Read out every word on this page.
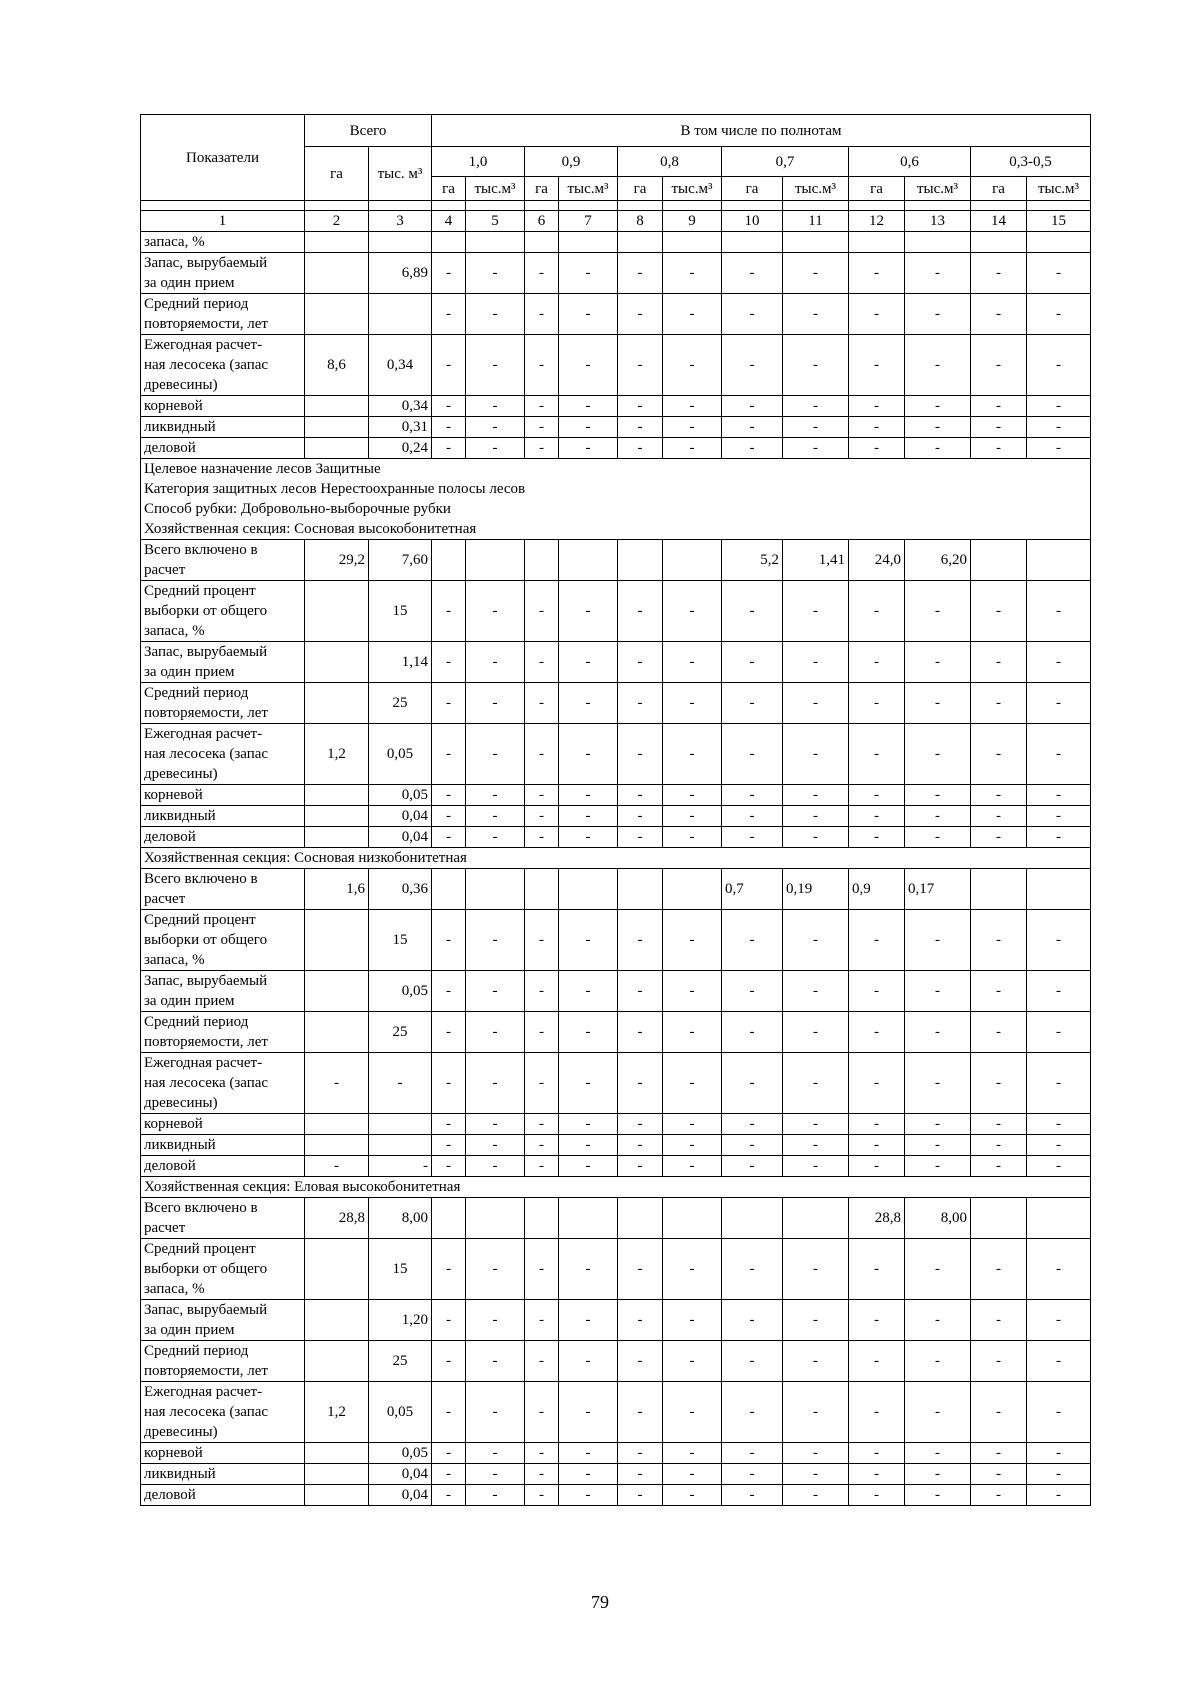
Показатели	Всего		В том числе по полнотам											
	га	тыс. м³	1,0		0,9		0,8		0,7		0,6		0,3-0,5	
			га	тыс.м³	га	тыс.м³	га	тыс.м³	га	тыс.м³	га	тыс.м³	га	тыс.м³

1	2	3	4	5	6	7	8	9	10	11	12	13	14	15
запаса, %														
Запас, вырубаемый
за один прием		6,89	-	-	-	-	-	-	-	-	-	-	-	-
Средний период
повторяемости, лет			-	-	-	-	-	-	-	-	-	-	-	-
Ежегодная расчет-
ная лесосека (запас
древесины)	8,6	0,34	-	-	-	-	-	-	-	-	-	-	-	-
корневой		0,34	-	-	-	-	-	-	-	-	-	-	-	-
ликвидный		0,31	-	-	-	-	-	-	-	-	-	-	-	-
деловой		0,24	-	-	-	-	-	-	-	-	-	-	-	-
Целевое назначение лесов Защитные
Категория защитных лесов Нерестоохранные полосы лесов
Способ рубки: Добровольно-выборочные рубки
Хозяйственная секция: Сосновая высокобонитетная														
Всего включено в
расчет	29,2	7,60							5,2	1,41	24,0	6,20		
Средний процент
выборки от общего
запаса, %		15	-	-	-	-	-	-	-	-	-	-	-	-
Запас, вырубаемый
за один прием		1,14	-	-	-	-	-	-	-	-	-	-	-	-
Средний период
повторяемости, лет		25	-	-	-	-	-	-	-	-	-	-	-	-
Ежегодная расчет-
ная лесосека (запас
древесины)	1,2	0,05	-	-	-	-	-	-	-	-	-	-	-	-
корневой		0,05	-	-	-	-	-	-	-	-	-	-	-	-
ликвидный		0,04	-	-	-	-	-	-	-	-	-	-	-	-
деловой		0,04	-	-	-	-	-	-	-	-	-	-	-	-
Хозяйственная секция: Сосновая низкобонитетная														
Всего включено в
расчет	1,6	0,36							0,7	0,19	0,9	0,17		
Средний процент
выборки от общего
запаса, %		15	-	-	-	-	-	-	-	-	-	-	-	-
Запас, вырубаемый
за один прием		0,05	-	-	-	-	-	-	-	-	-	-	-	-
Средний период
повторяемости, лет		25	-	-	-	-	-	-	-	-	-	-	-	-
Ежегодная расчет-
ная лесосека (запас
древесины)	-	-	-	-	-	-	-	-	-	-	-	-	-	-
корневой			-	-	-	-	-	-	-	-	-	-	-	-
ликвидный			-	-	-	-	-	-	-	-	-	-	-	-
деловой	-	-	-	-	-	-	-	-	-	-	-	-	-	-
Хозяйственная секция: Еловая высокобонитетная														
Всего включено в
расчет	28,8	8,00									28,8	8,00		
Средний процент
выборки от общего
запаса, %		15	-	-	-	-	-	-	-	-	-	-	-	-
Запас, вырубаемый
за один прием		1,20	-	-	-	-	-	-	-	-	-	-	-	-
Средний период
повторяемости, лет		25	-	-	-	-	-	-	-	-	-	-	-	-
Ежегодная расчет-
ная лесосека (запас
древесины)	1,2	0,05	-	-	-	-	-	-	-	-	-	-	-	-
корневой		0,05	-	-	-	-	-	-	-	-	-	-	-	-
ликвидный		0,04	-	-	-	-	-	-	-	-	-	-	-	-
деловой		0,04	-	-	-	-	-	-	-	-	-	-	-	-
79
